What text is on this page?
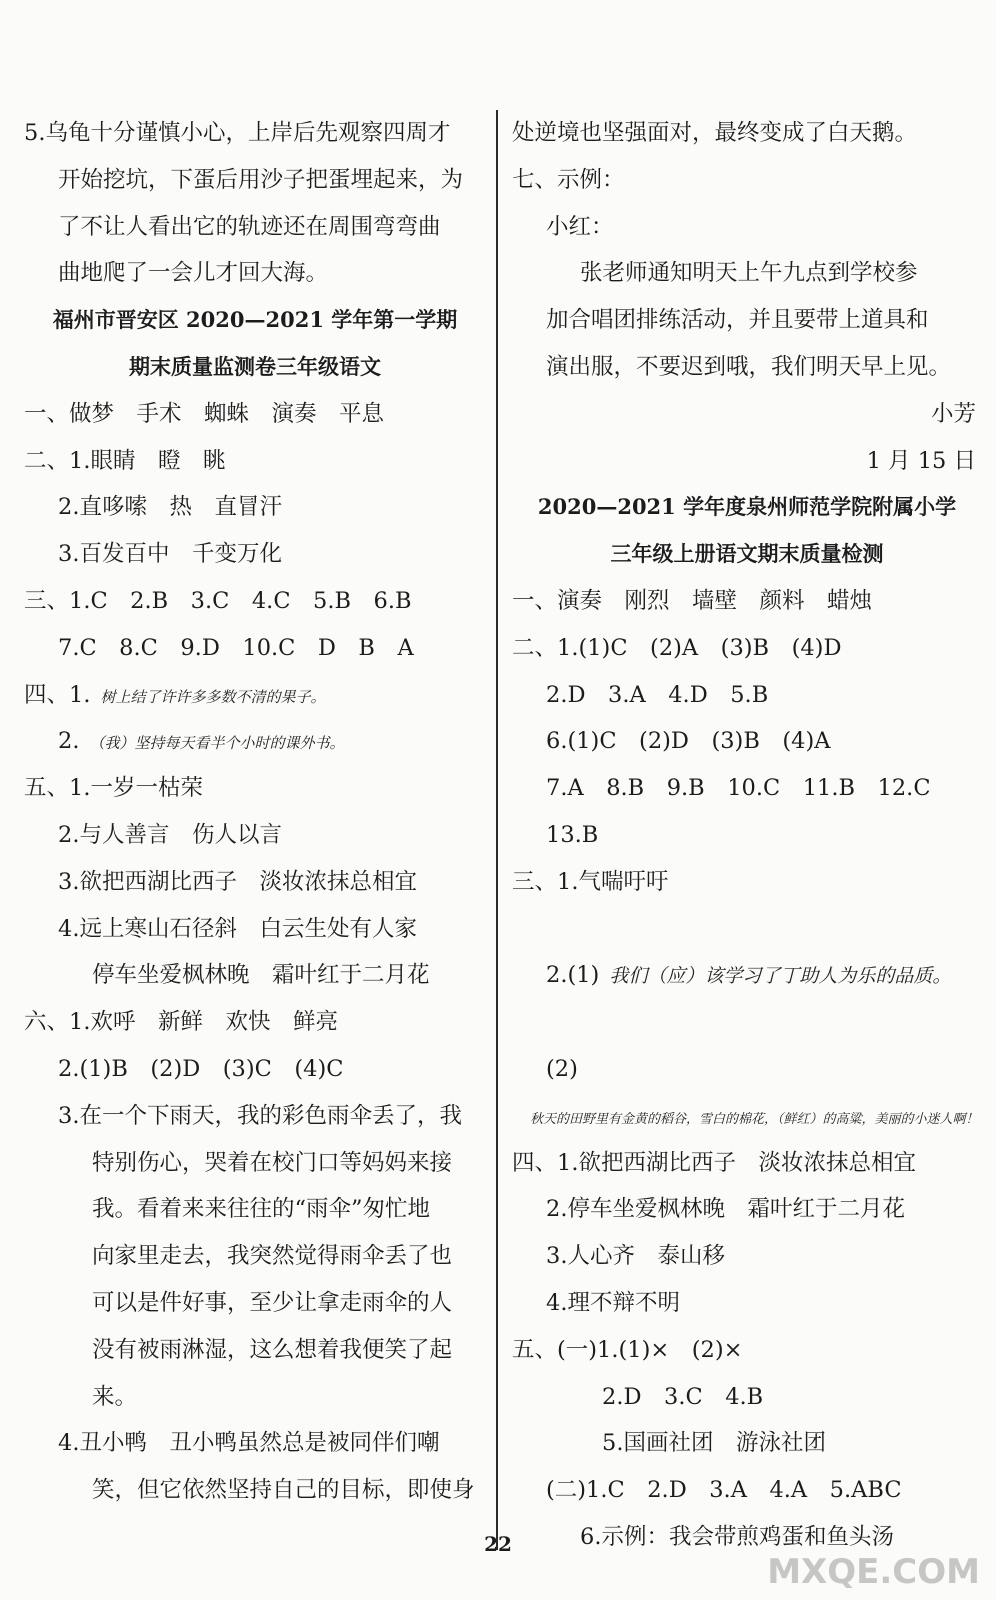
5.乌龟十分谨慎小心，上岸后先观察四周才
开始挖坑，下蛋后用沙子把蛋埋起来，为
了不让人看出它的轨迹还在周围弯弯曲
曲地爬了一会儿才回大海。
福州市晋安区 2020—2021 学年第一学期
期末质量监测卷三年级语文
一、做梦　手术　蜘蛛　演奏　平息
二、1.眼睛　瞪　眺
2.直哆嗦　热　直冒汗
3.百发百中　千变万化
三、1.C　2.B　3.C　4.C　5.B　6.B
7.C　8.C　9.D　10.C　D　B　A
四、1. 树上结了许许多多数不清的果子。
2. （我）坚持每天看半个小时的课外书。
五、1.一岁一枯荣
2.与人善言　伤人以言
3.欲把西湖比西子　淡妆浓抹总相宜
4.远上寒山石径斜　白云生处有人家
停车坐爱枫林晚　霜叶红于二月花
六、1.欢呼　新鲜　欢快　鲜亮
2.(1)B　(2)D　(3)C　(4)C
3.在一个下雨天，我的彩色雨伞丢了，我
特别伤心，哭着在校门口等妈妈来接
我。看着来来往往的“雨伞”匆忙地
向家里走去，我突然觉得雨伞丢了也
可以是件好事，至少让拿走雨伞的人
没有被雨淋湿，这么想着我便笑了起
来。
4.丑小鸭　丑小鸭虽然总是被同伴们嘲
笑，但它依然坚持自己的目标，即使身
处逆境也坚强面对，最终变成了白天鹅。
七、示例：
小红：
张老师通知明天上午九点到学校参
加合唱团排练活动，并且要带上道具和
演出服，不要迟到哦，我们明天早上见。
小芳
1 月 15 日
2020—2021 学年度泉州师范学院附属小学
三年级上册语文期末质量检测
一、演奏　刚烈　墙壁　颜料　蜡烛
二、1.(1)C　(2)A　(3)B　(4)D
2.D　3.A　4.D　5.B
6.(1)C　(2)D　(3)B　(4)A
7.A　8.B　9.B　10.C　11.B　12.C
13.B
三、1.气喘吁吁
2.(1) 我们（应）该学习了丁助人为乐的品质。
(2)
秋天的田野里有金黄的稻谷，雪白的棉花，（鲜红）的高粱，美丽的小迷人啊！
四、1.欲把西湖比西子　淡妆浓抹总相宜
2.停车坐爱枫林晚　霜叶红于二月花
3.人心齐　泰山移
4.理不辩不明
五、(一)1.(1)×　(2)×
2.D　3.C　4.B
5.国画社团　游泳社团
(二)1.C　2.D　3.A　4.A　5.ABC
6.示例：我会带煎鸡蛋和鱼头汤
22
MXQE.COM
